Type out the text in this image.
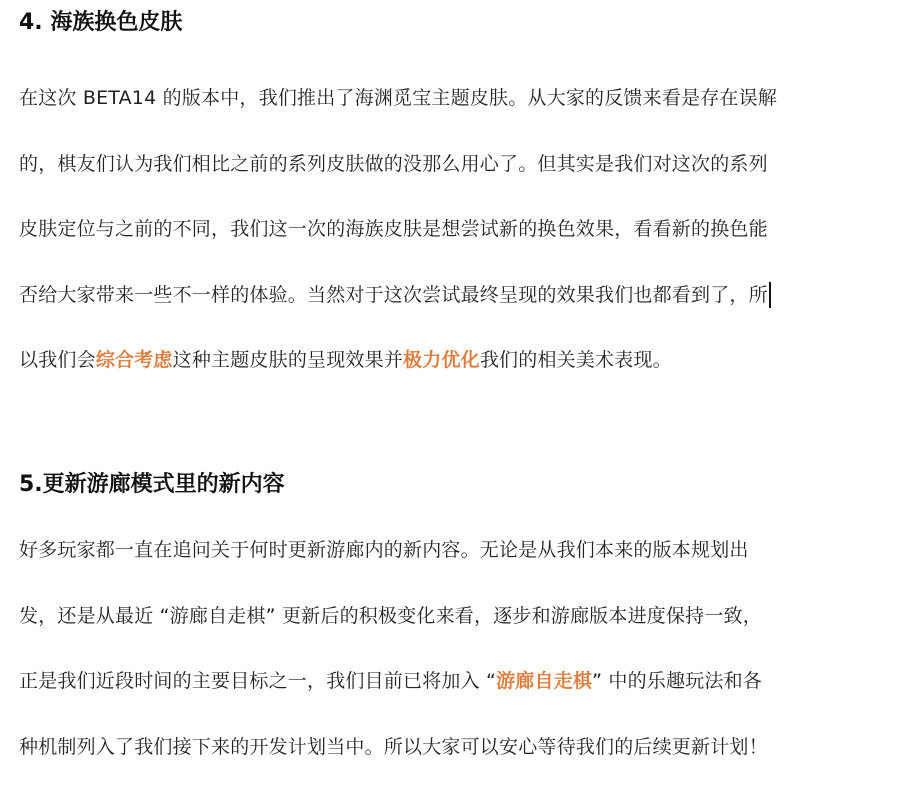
4. 海族换色皮肤
在这次 BETA14 的版本中，我们推出了海渊觅宝主题皮肤。从大家的反馈来看是存在误解
的，棋友们认为我们相比之前的系列皮肤做的没那么用心了。但其实是我们对这次的系列
皮肤定位与之前的不同，我们这一次的海族皮肤是想尝试新的换色效果，看看新的换色能
否给大家带来一些不一样的体验。当然对于这次尝试最终呈现的效果我们也都看到了，所
以我们会综合考虑这种主题皮肤的呈现效果并极力优化我们的相关美术表现。
5.更新游廊模式里的新内容
好多玩家都一直在追问关于何时更新游廊内的新内容。无论是从我们本来的版本规划出
发，还是从最近 “游廊自走棋” 更新后的积极变化来看，逐步和游廊版本进度保持一致，
正是我们近段时间的主要目标之一，我们目前已将加入 “游廊自走棋” 中的乐趣玩法和各
种机制列入了我们接下来的开发计划当中。所以大家可以安心等待我们的后续更新计划！
